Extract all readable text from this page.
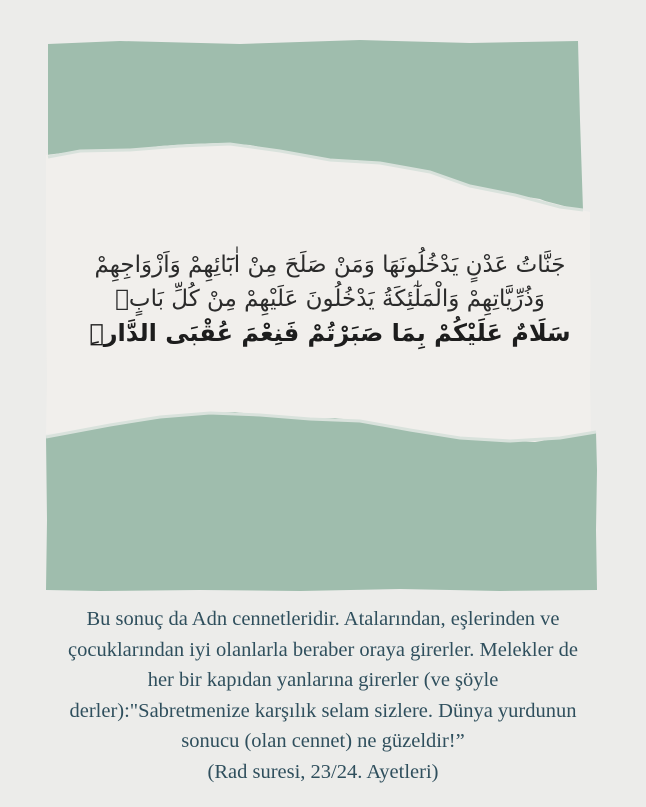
جَنَّاتُ عَدْنٍ يَدْخُلُونَهَا وَمَنْ صَلَحَ مِنْ اٰبَٓائِهِمْ وَاَزْوَاجِهِمْ
وَذُرِّيَّاتِهِمْ وَالْمَلٰٓئِكَةُ يَدْخُلُونَ عَلَيْهِمْ مِنْ كُلِّ بَابٍۚ
سَلَامٌ عَلَيْكُمْ بِمَا صَبَرْتُمْ فَنِعْمَ عُقْبَى الدَّارِۜ
Bu sonuç da Adn cennetleridir. Atalarından, eşlerinden ve
çocuklarından iyi olanlarla beraber oraya girerler. Melekler de
her bir kapıdan yanlarına girerler (ve şöyle
derler):"Sabretmenize karşılık selam sizlere. Dünya yurdunun
sonucu (olan cennet) ne güzeldir!”
(Rad suresi, 23/24. Ayetleri)
